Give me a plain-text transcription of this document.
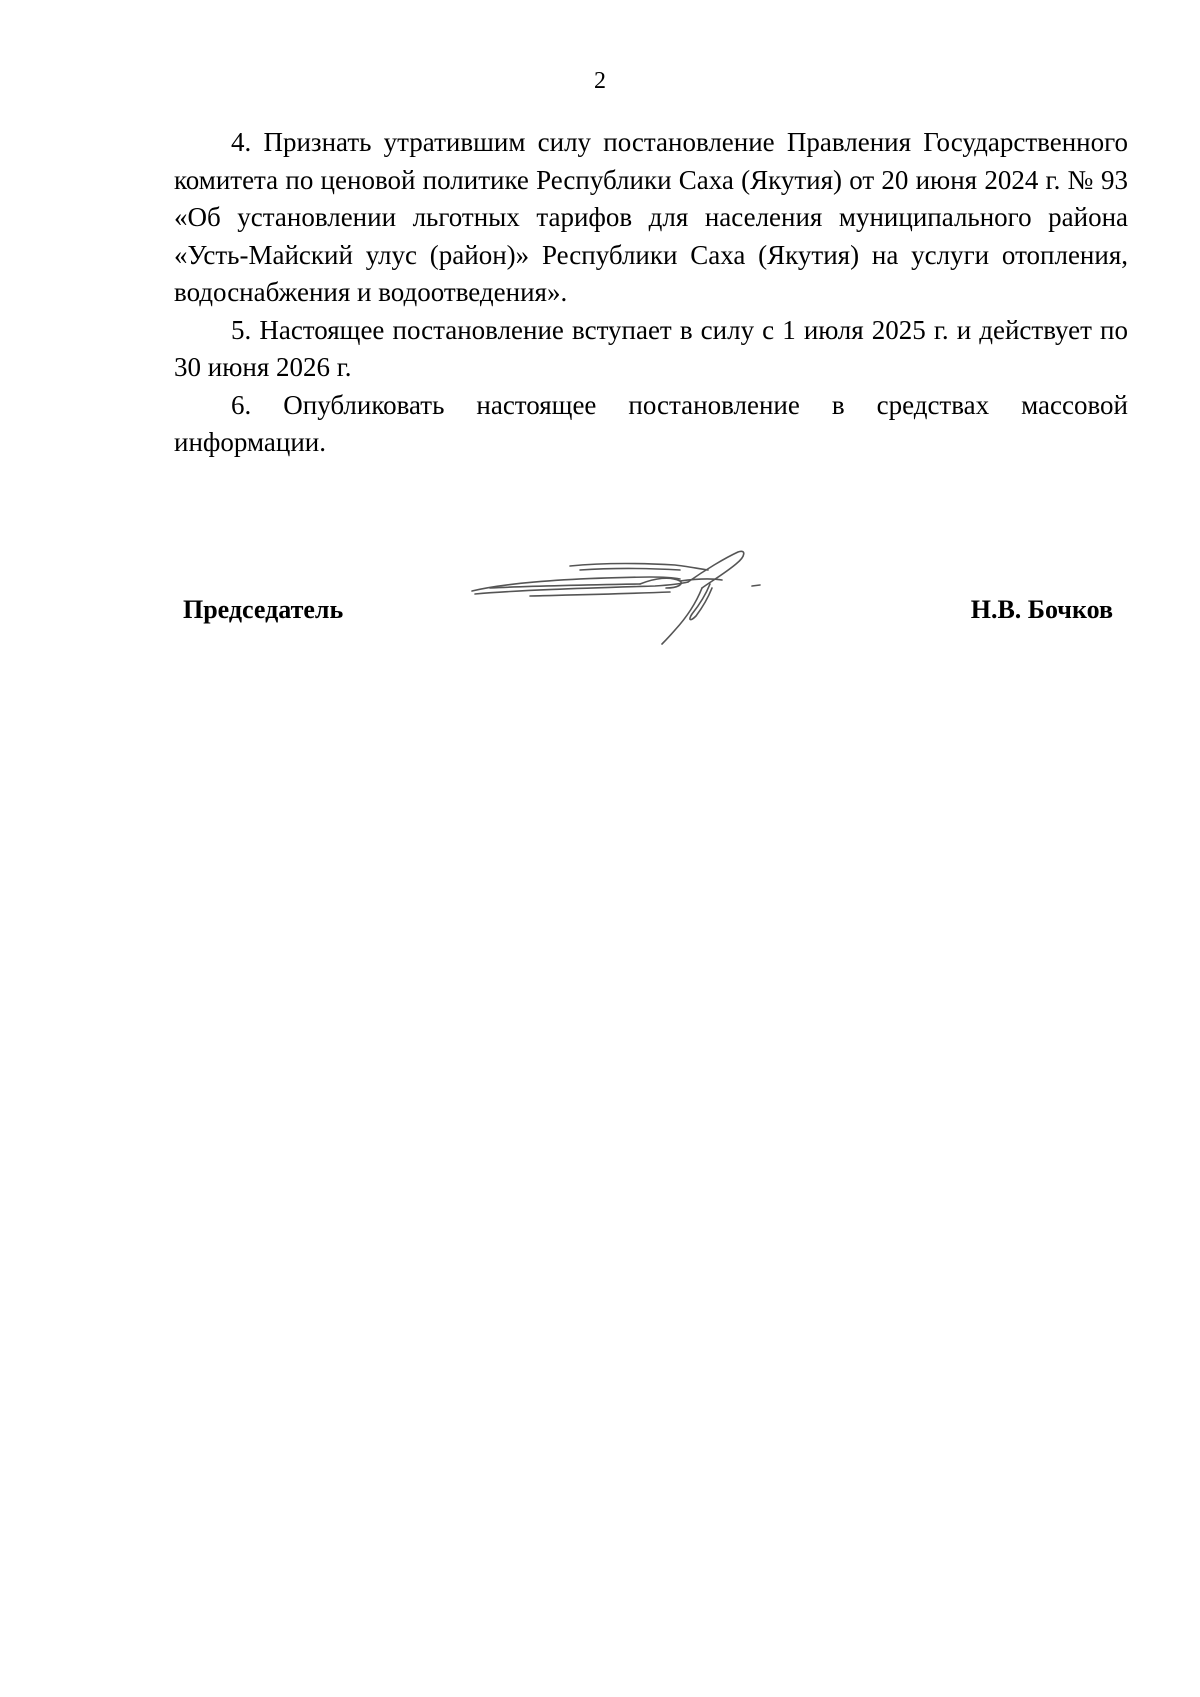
2

4. Признать утратившим силу постановление Правления Государственного комитета по ценовой политике Республики Саха (Якутия) от 20 июня 2024 г. № 93 «Об установлении льготных тарифов для населения муниципального района «Усть-Майский улус (район)» Республики Саха (Якутия) на услуги отопления, водоснабжения и водоотведения».

5. Настоящее постановление вступает в силу с 1 июля 2025 г. и действует по 30 июня 2026 г.

6. Опубликовать настоящее постановление в средствах массовой информации.

Председатель	Н.В. Бочков
